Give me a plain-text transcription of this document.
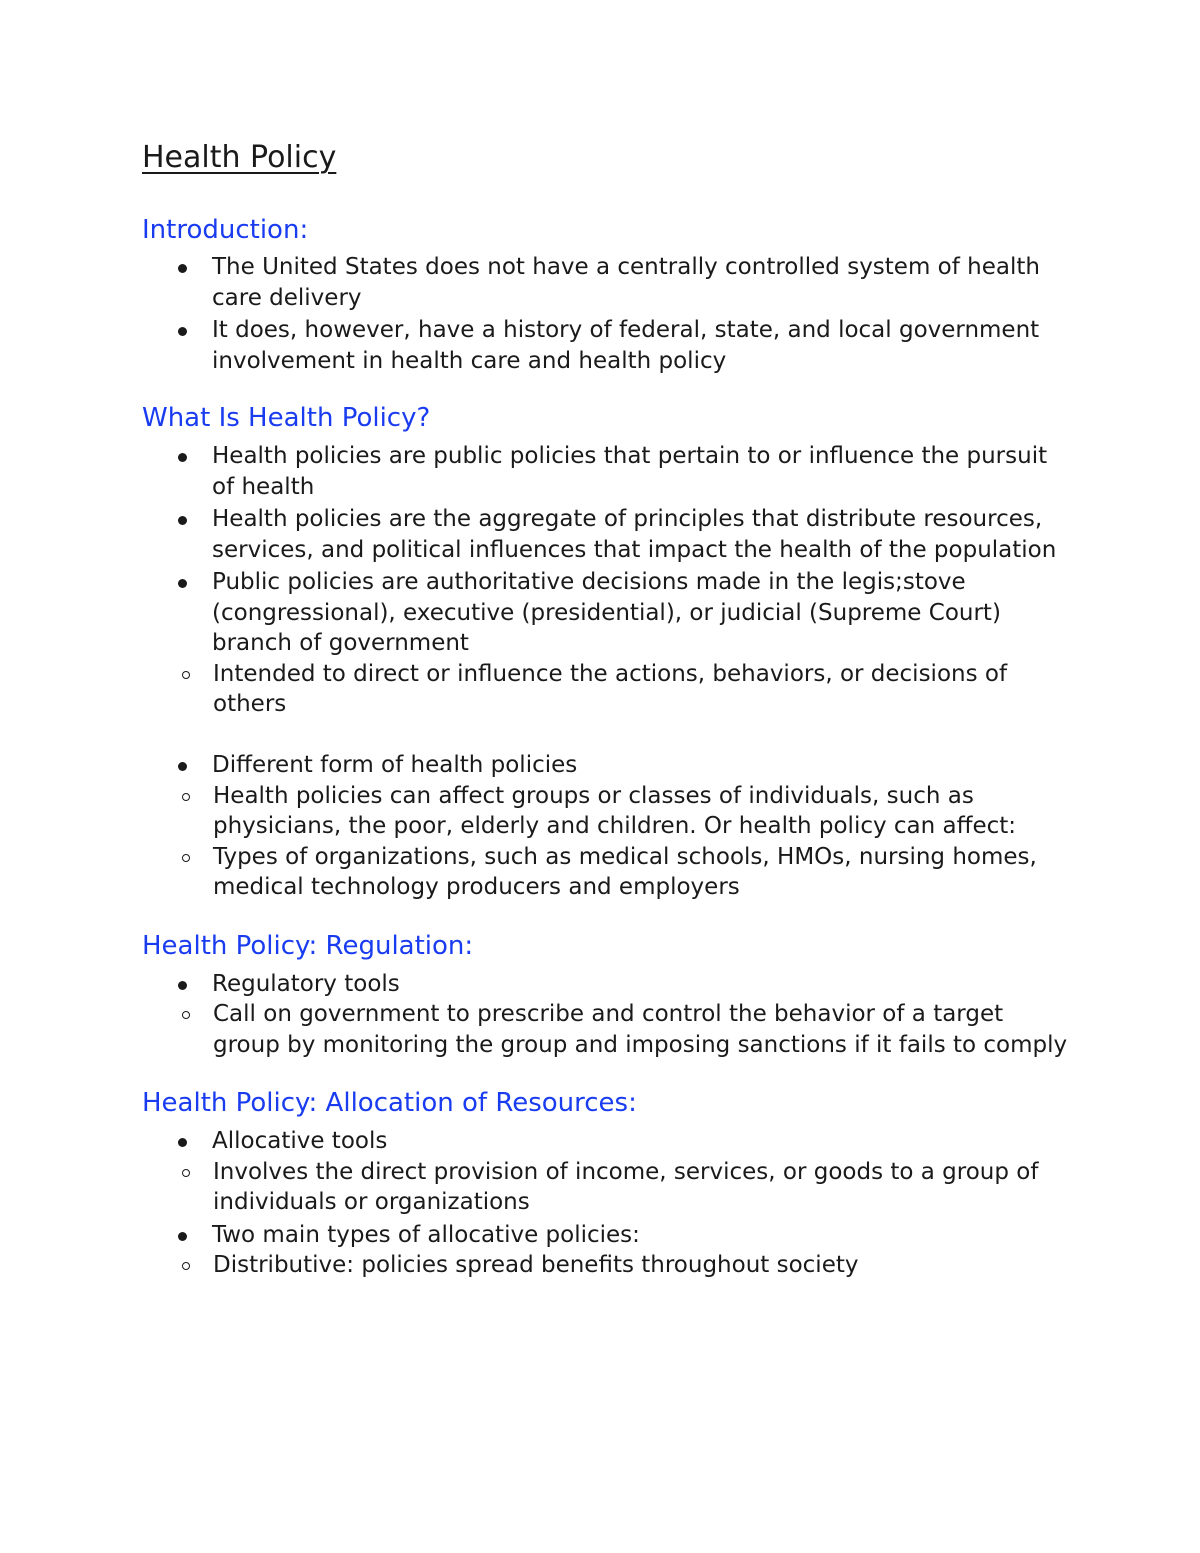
Health Policy
Introduction:
The United States does not have a centrally controlled system of health care delivery
It does, however, have a history of federal, state, and local government involvement in health care and health policy
What Is Health Policy?
Health policies are public policies that pertain to or influence the pursuit of health
Health policies are the aggregate of principles that distribute resources, services, and political influences that impact the health of the population
Public policies are authoritative decisions made in the legis;stove (congressional), executive (presidential), or judicial (Supreme Court) branch of government
Intended to direct or influence the actions, behaviors, or decisions of others
Different form of health policies
Health policies can affect groups or classes of individuals, such as physicians, the poor, elderly and children. Or health policy can affect:
Types of organizations, such as medical schools, HMOs, nursing homes, medical technology producers and employers
Health Policy: Regulation:
Regulatory tools
Call on government to prescribe and control the behavior of a target group by monitoring the group and imposing sanctions if it fails to comply
Health Policy: Allocation of Resources:
Allocative tools
Involves the direct provision of income, services, or goods to a group of individuals or organizations
Two main types of allocative policies:
Distributive: policies spread benefits throughout society
